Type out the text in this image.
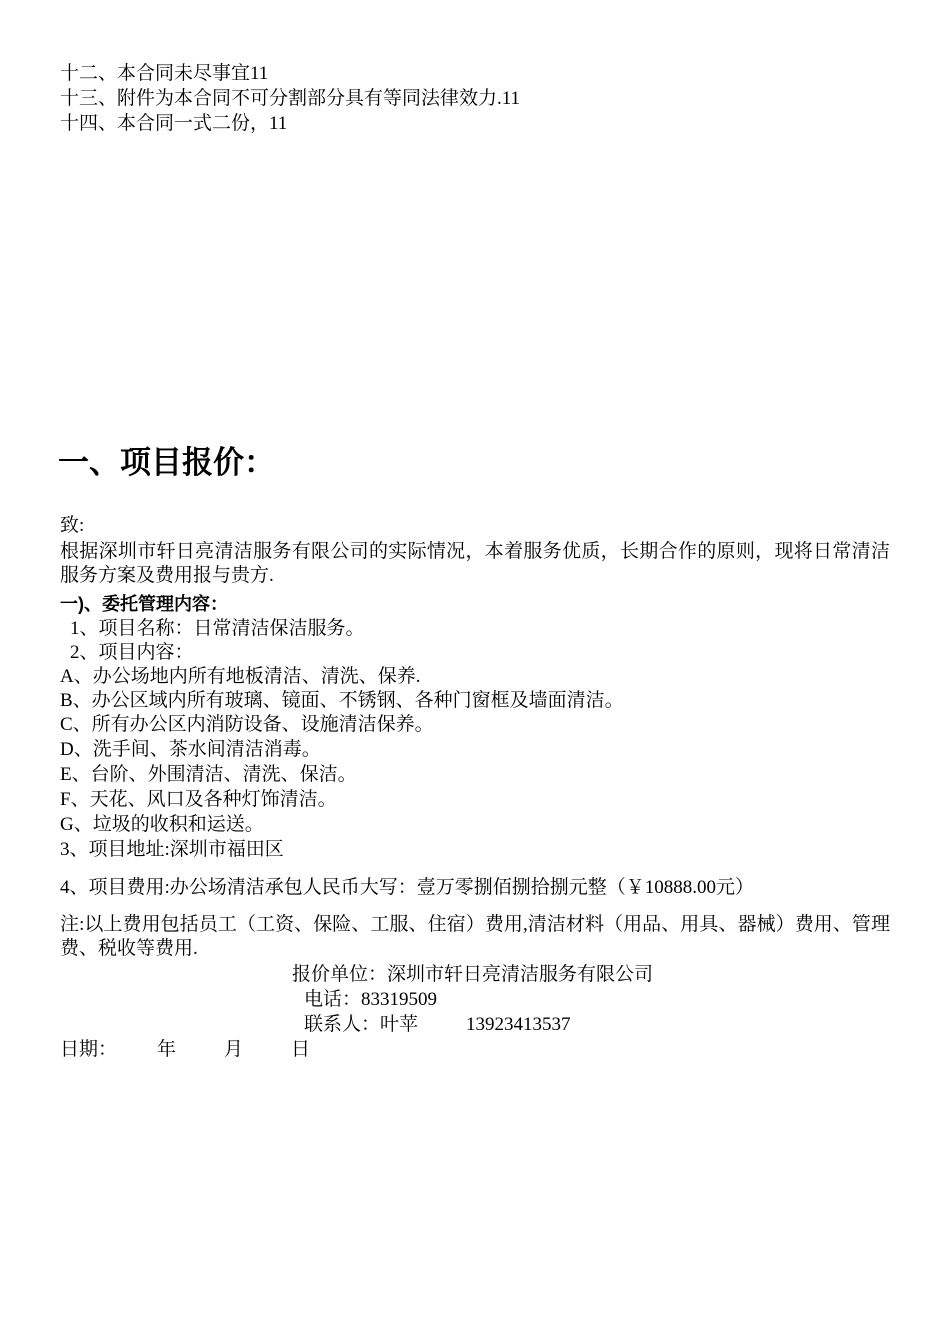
十二、本合同未尽事宜11
十三、附件为本合同不可分割部分具有等同法律效力.11
十四、本合同一式二份，11
一、项目报价：
致:
根据深圳市轩日亮清洁服务有限公司的实际情况，本着服务优质，长期合作的原则，现将日常清洁服务方案及费用报与贵方.
一)、委托管理内容：
1、项目名称：日常清洁保洁服务。
2、项目内容：
A、办公场地内所有地板清洁、清洗、保养.
B、办公区域内所有玻璃、镜面、不锈钢、各种门窗框及墙面清洁。
C、所有办公区内消防设备、设施清洁保养。
D、洗手间、茶水间清洁消毒。
E、台阶、外围清洁、清洗、保洁。
F、天花、风口及各种灯饰清洁。
G、垃圾的收积和运送。
3、项目地址:深圳市福田区
4、项目费用:办公场清洁承包人民币大写：壹万零捌佰捌拾捌元整（￥10888.00元）
注:以上费用包括员工（工资、保险、工服、住宿）费用,清洁材料（用品、用具、器械）费用、管理费、税收等费用.
报价单位：深圳市轩日亮清洁服务有限公司
电话：83319509
联系人：叶苹	13923413537
日期： 年	月	日
